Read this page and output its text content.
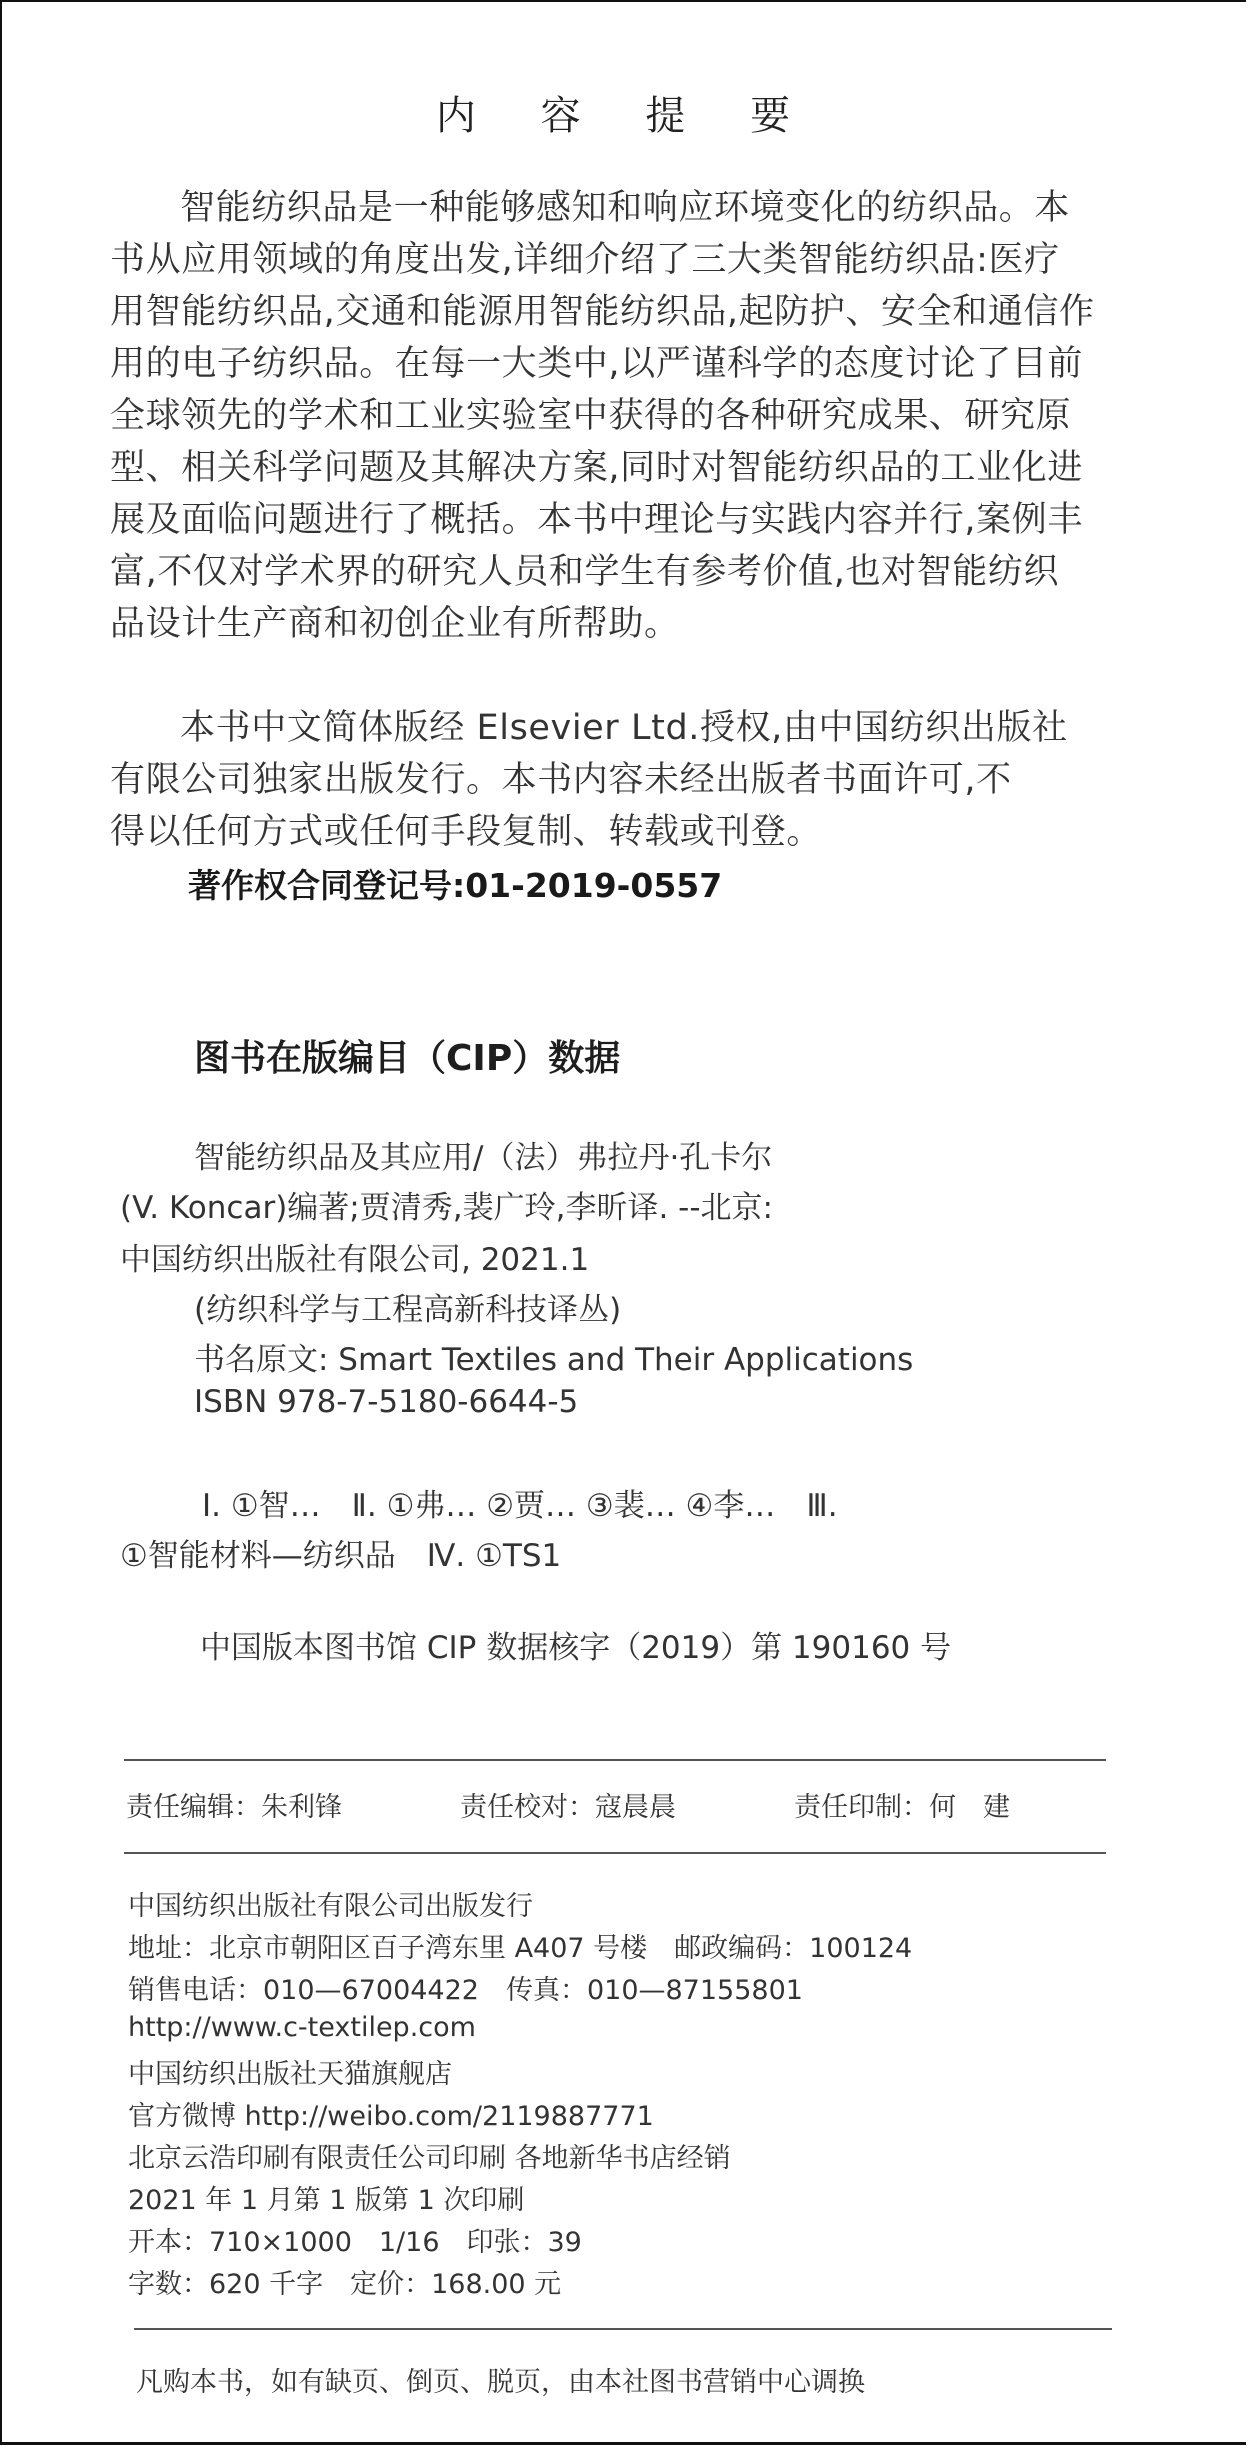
内 容 提 要
智能纺织品是一种能够感知和响应环境变化的纺织品。本
书从应用领域的角度出发,详细介绍了三大类智能纺织品:医疗
用智能纺织品,交通和能源用智能纺织品,起防护、安全和通信作
用的电子纺织品。在每一大类中,以严谨科学的态度讨论了目前
全球领先的学术和工业实验室中获得的各种研究成果、研究原
型、相关科学问题及其解决方案,同时对智能纺织品的工业化进
展及面临问题进行了概括。本书中理论与实践内容并行,案例丰
富,不仅对学术界的研究人员和学生有参考价值,也对智能纺织
品设计生产商和初创企业有所帮助。
本书中文简体版经 Elsevier Ltd.授权,由中国纺织出版社
有限公司独家出版发行。本书内容未经出版者书面许可,不
得以任何方式或任何手段复制、转载或刊登。
著作权合同登记号:01-2019-0557
图书在版编目（CIP）数据
智能纺织品及其应用/（法）弗拉丹·孔卡尔
(V. Koncar)编著;贾清秀,裴广玲,李昕译. --北京:
中国纺织出版社有限公司, 2021.1
(纺织科学与工程高新科技译丛)
书名原文: Smart Textiles and Their Applications
ISBN 978-7-5180-6644-5
Ⅰ. ①智…　Ⅱ. ①弗… ②贾… ③裴… ④李…　Ⅲ.
①智能材料—纺织品　Ⅳ. ①TS1
中国版本图书馆 CIP 数据核字（2019）第 190160 号
责任编辑：朱利锋	责任校对：寇晨晨	责任印制：何　建
中国纺织出版社有限公司出版发行
地址：北京市朝阳区百子湾东里 A407 号楼　邮政编码：100124
销售电话：010—67004422　传真：010—87155801
http://www.c-textilep.com
中国纺织出版社天猫旗舰店
官方微博 http://weibo.com/2119887771
北京云浩印刷有限责任公司印刷 各地新华书店经销
2021 年 1 月第 1 版第 1 次印刷
开本：710×1000　1/16　印张：39
字数：620 千字　定价：168.00 元
凡购本书，如有缺页、倒页、脱页，由本社图书营销中心调换
